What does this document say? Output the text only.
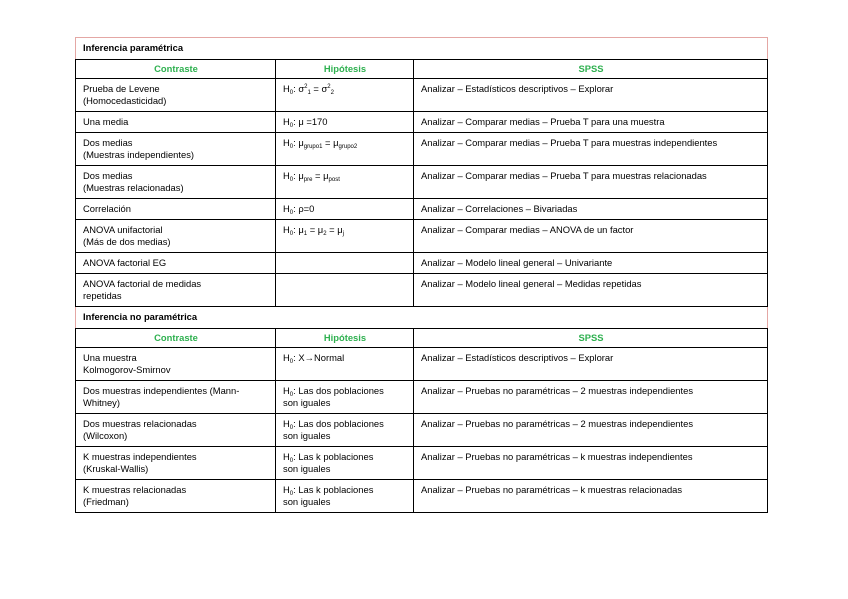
Inferencia paramétrica		
Contraste	Hipótesis	SPSS

Prueba de Levene
(Homocedasticidad)	$H_0$: $\sigma^2_1 = \sigma^2_2$	Analizar – Estadísticos descriptivos – Explorar

Una media	$H_0$: μ =170	Analizar – Comparar medias – Prueba T para una muestra

Dos medias
(Muestras independientes)	$H_0$: $\mu_{grupo1} = \mu_{grupo2}$	Analizar – Comparar medias – Prueba T para muestras independientes

Dos medias
(Muestras relacionadas)	$H_0$: $\mu_{pre} = \mu_{post}$	Analizar – Comparar medias – Prueba T para muestras relacionadas

Correlación	$H_0$: ρ=0	Analizar – Correlaciones – Bivariadas

ANOVA unifactorial
(Más de dos medias)	$H_0$: $\mu_1 = \mu_2 = \mu_j$	Analizar – Comparar medias – ANOVA de un factor

ANOVA factorial EG		Analizar – Modelo lineal general – Univariante

ANOVA factorial de medidas
repetidas		Analizar – Modelo lineal general – Medidas repetidas
Inferencia no paramétrica		
Contraste	Hipótesis	SPSS

Una muestra
Kolmogorov-Smirnov	$H_0$: X→Normal	Analizar – Estadísticos descriptivos – Explorar

Dos muestras independientes (Mann-
Whitney)	$H_0$: Las dos poblaciones
son iguales	Analizar – Pruebas no paramétricas – 2 muestras independientes

Dos muestras relacionadas
(Wilcoxon)	$H_0$: Las dos poblaciones
son iguales	Analizar – Pruebas no paramétricas – 2 muestras independientes

K muestras independientes
(Kruskal-Wallis)	$H_0$: Las k poblaciones
son iguales	Analizar – Pruebas no paramétricas – k muestras independientes

K muestras relacionadas
(Friedman)	$H_0$: Las k poblaciones
son iguales	Analizar – Pruebas no paramétricas – k muestras relacionadas
